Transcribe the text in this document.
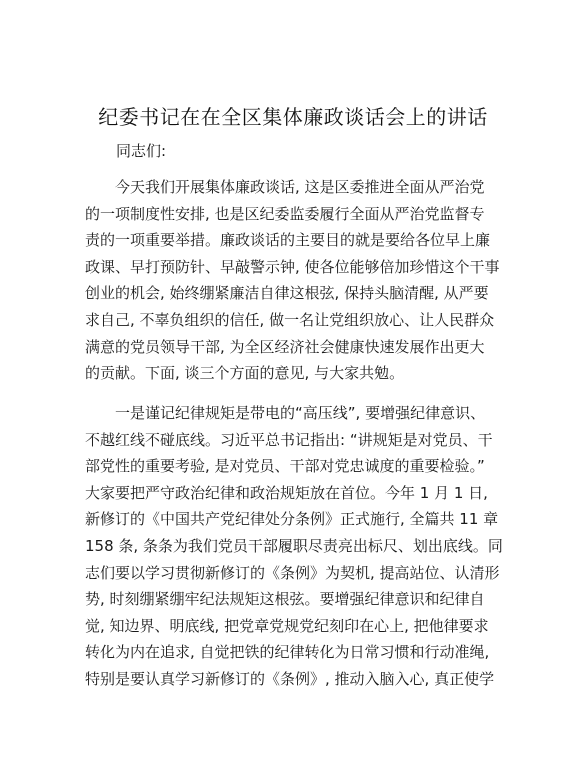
纪委书记在在全区集体廉政谈话会上的讲话
同志们:
今天我们开展集体廉政谈话, 这是区委推进全面从严治党
的一项制度性安排, 也是区纪委监委履行全面从严治党监督专
责的一项重要举措。廉政谈话的主要目的就是要给各位早上廉
政课、早打预防针、早敲警示钟, 使各位能够倍加珍惜这个干事
创业的机会, 始终绷紧廉洁自律这根弦, 保持头脑清醒, 从严要
求自己, 不辜负组织的信任, 做一名让党组织放心、让人民群众
满意的党员领导干部, 为全区经济社会健康快速发展作出更大
的贡献。下面, 谈三个方面的意见, 与大家共勉。
一是谨记纪律规矩是带电的“高压线”, 要增强纪律意识、
不越红线不碰底线。习近平总书记指出: “讲规矩是对党员、干
部党性的重要考验, 是对党员、干部对党忠诚度的重要检验。”
大家要把严守政治纪律和政治规矩放在首位。今年 1 月 1 日,
新修订的《中国共产党纪律处分条例》正式施行, 全篇共 11 章
158 条, 条条为我们党员干部履职尽责亮出标尺、划出底线。同
志们要以学习贯彻新修订的《条例》为契机, 提高站位、认清形
势, 时刻绷紧绷牢纪法规矩这根弦。要增强纪律意识和纪律自
觉, 知边界、明底线, 把党章党规党纪刻印在心上, 把他律要求
转化为内在追求, 自觉把铁的纪律转化为日常习惯和行动准绳,
特别是要认真学习新修订的《条例》, 推动入脑入心, 真正使学
